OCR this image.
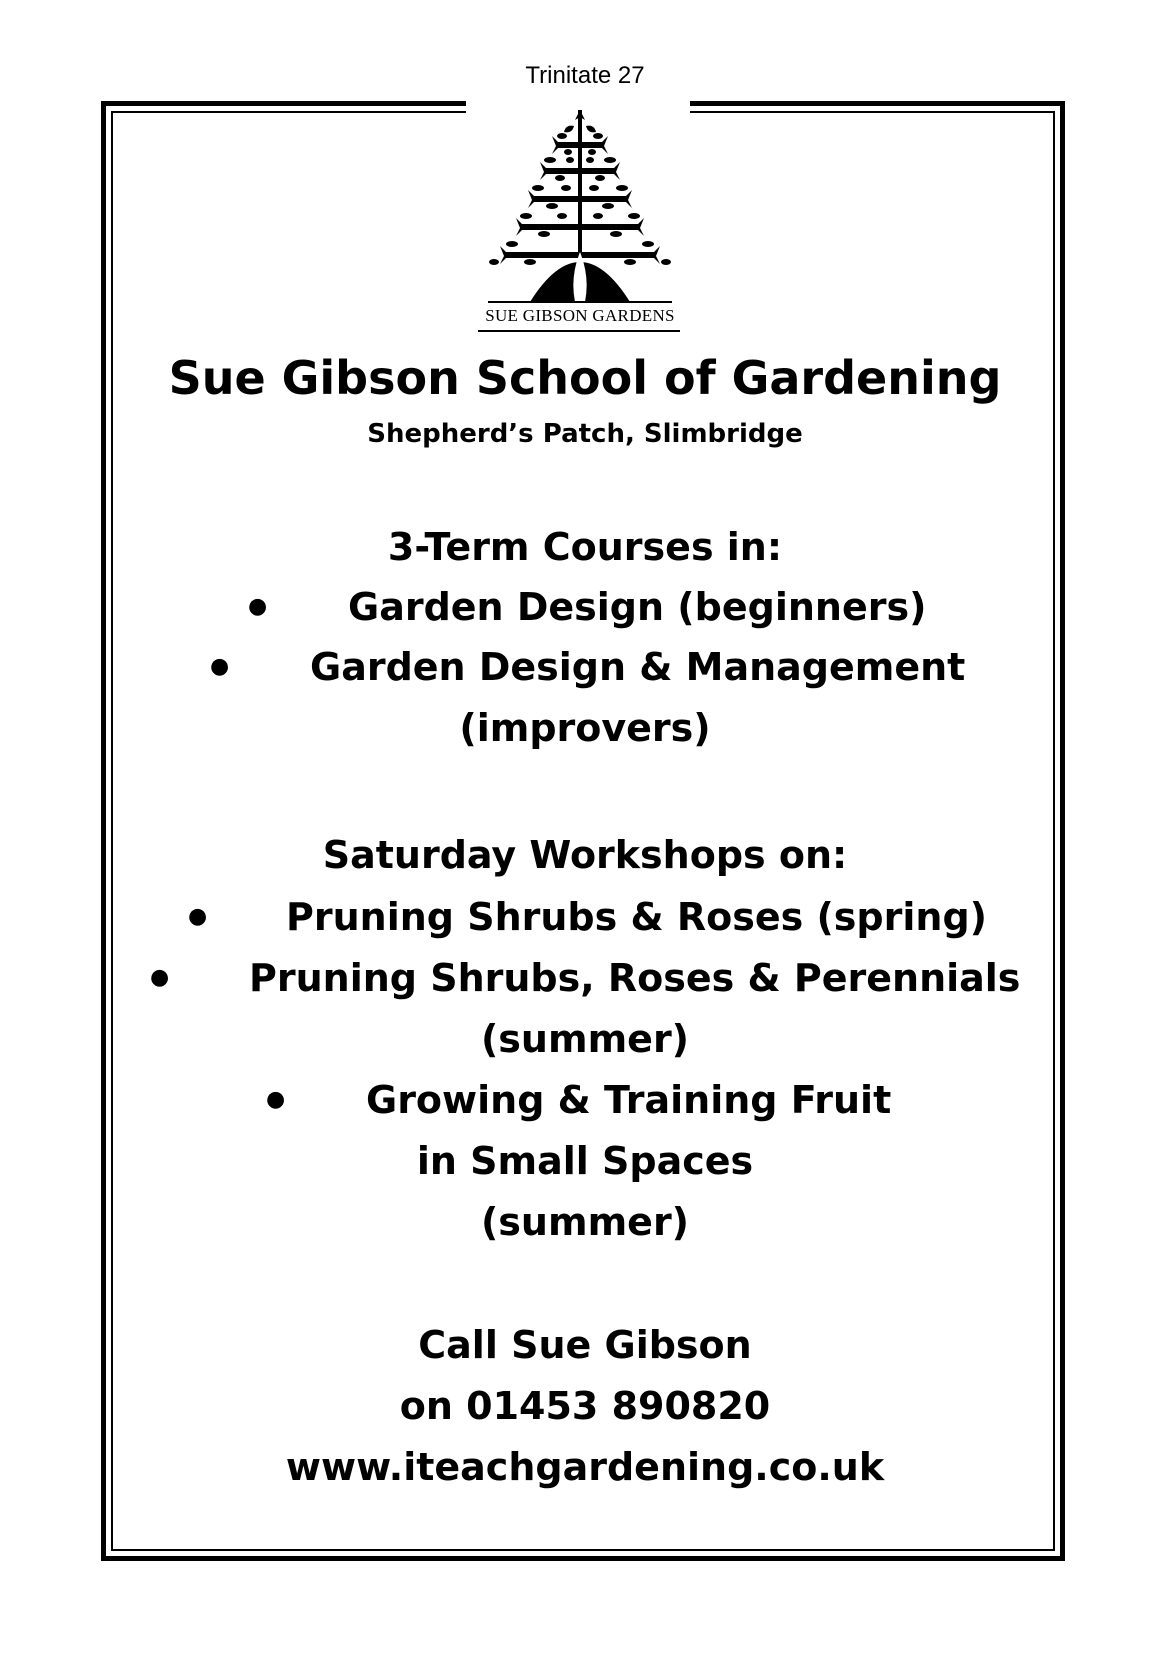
Trinitate 27
SUE GIBSON GARDENS
Sue Gibson School of Gardening
Shepherd’s Patch, Slimbridge
3-Term Courses in:
● Garden Design (beginners)
● Garden Design & Management
(improvers)
Saturday Workshops on:
● Pruning Shrubs & Roses (spring)
● Pruning Shrubs, Roses & Perennials
(summer)
● Growing & Training Fruit
in Small Spaces
(summer)
Call Sue Gibson
on 01453 890820
www.iteachgardening.co.uk
